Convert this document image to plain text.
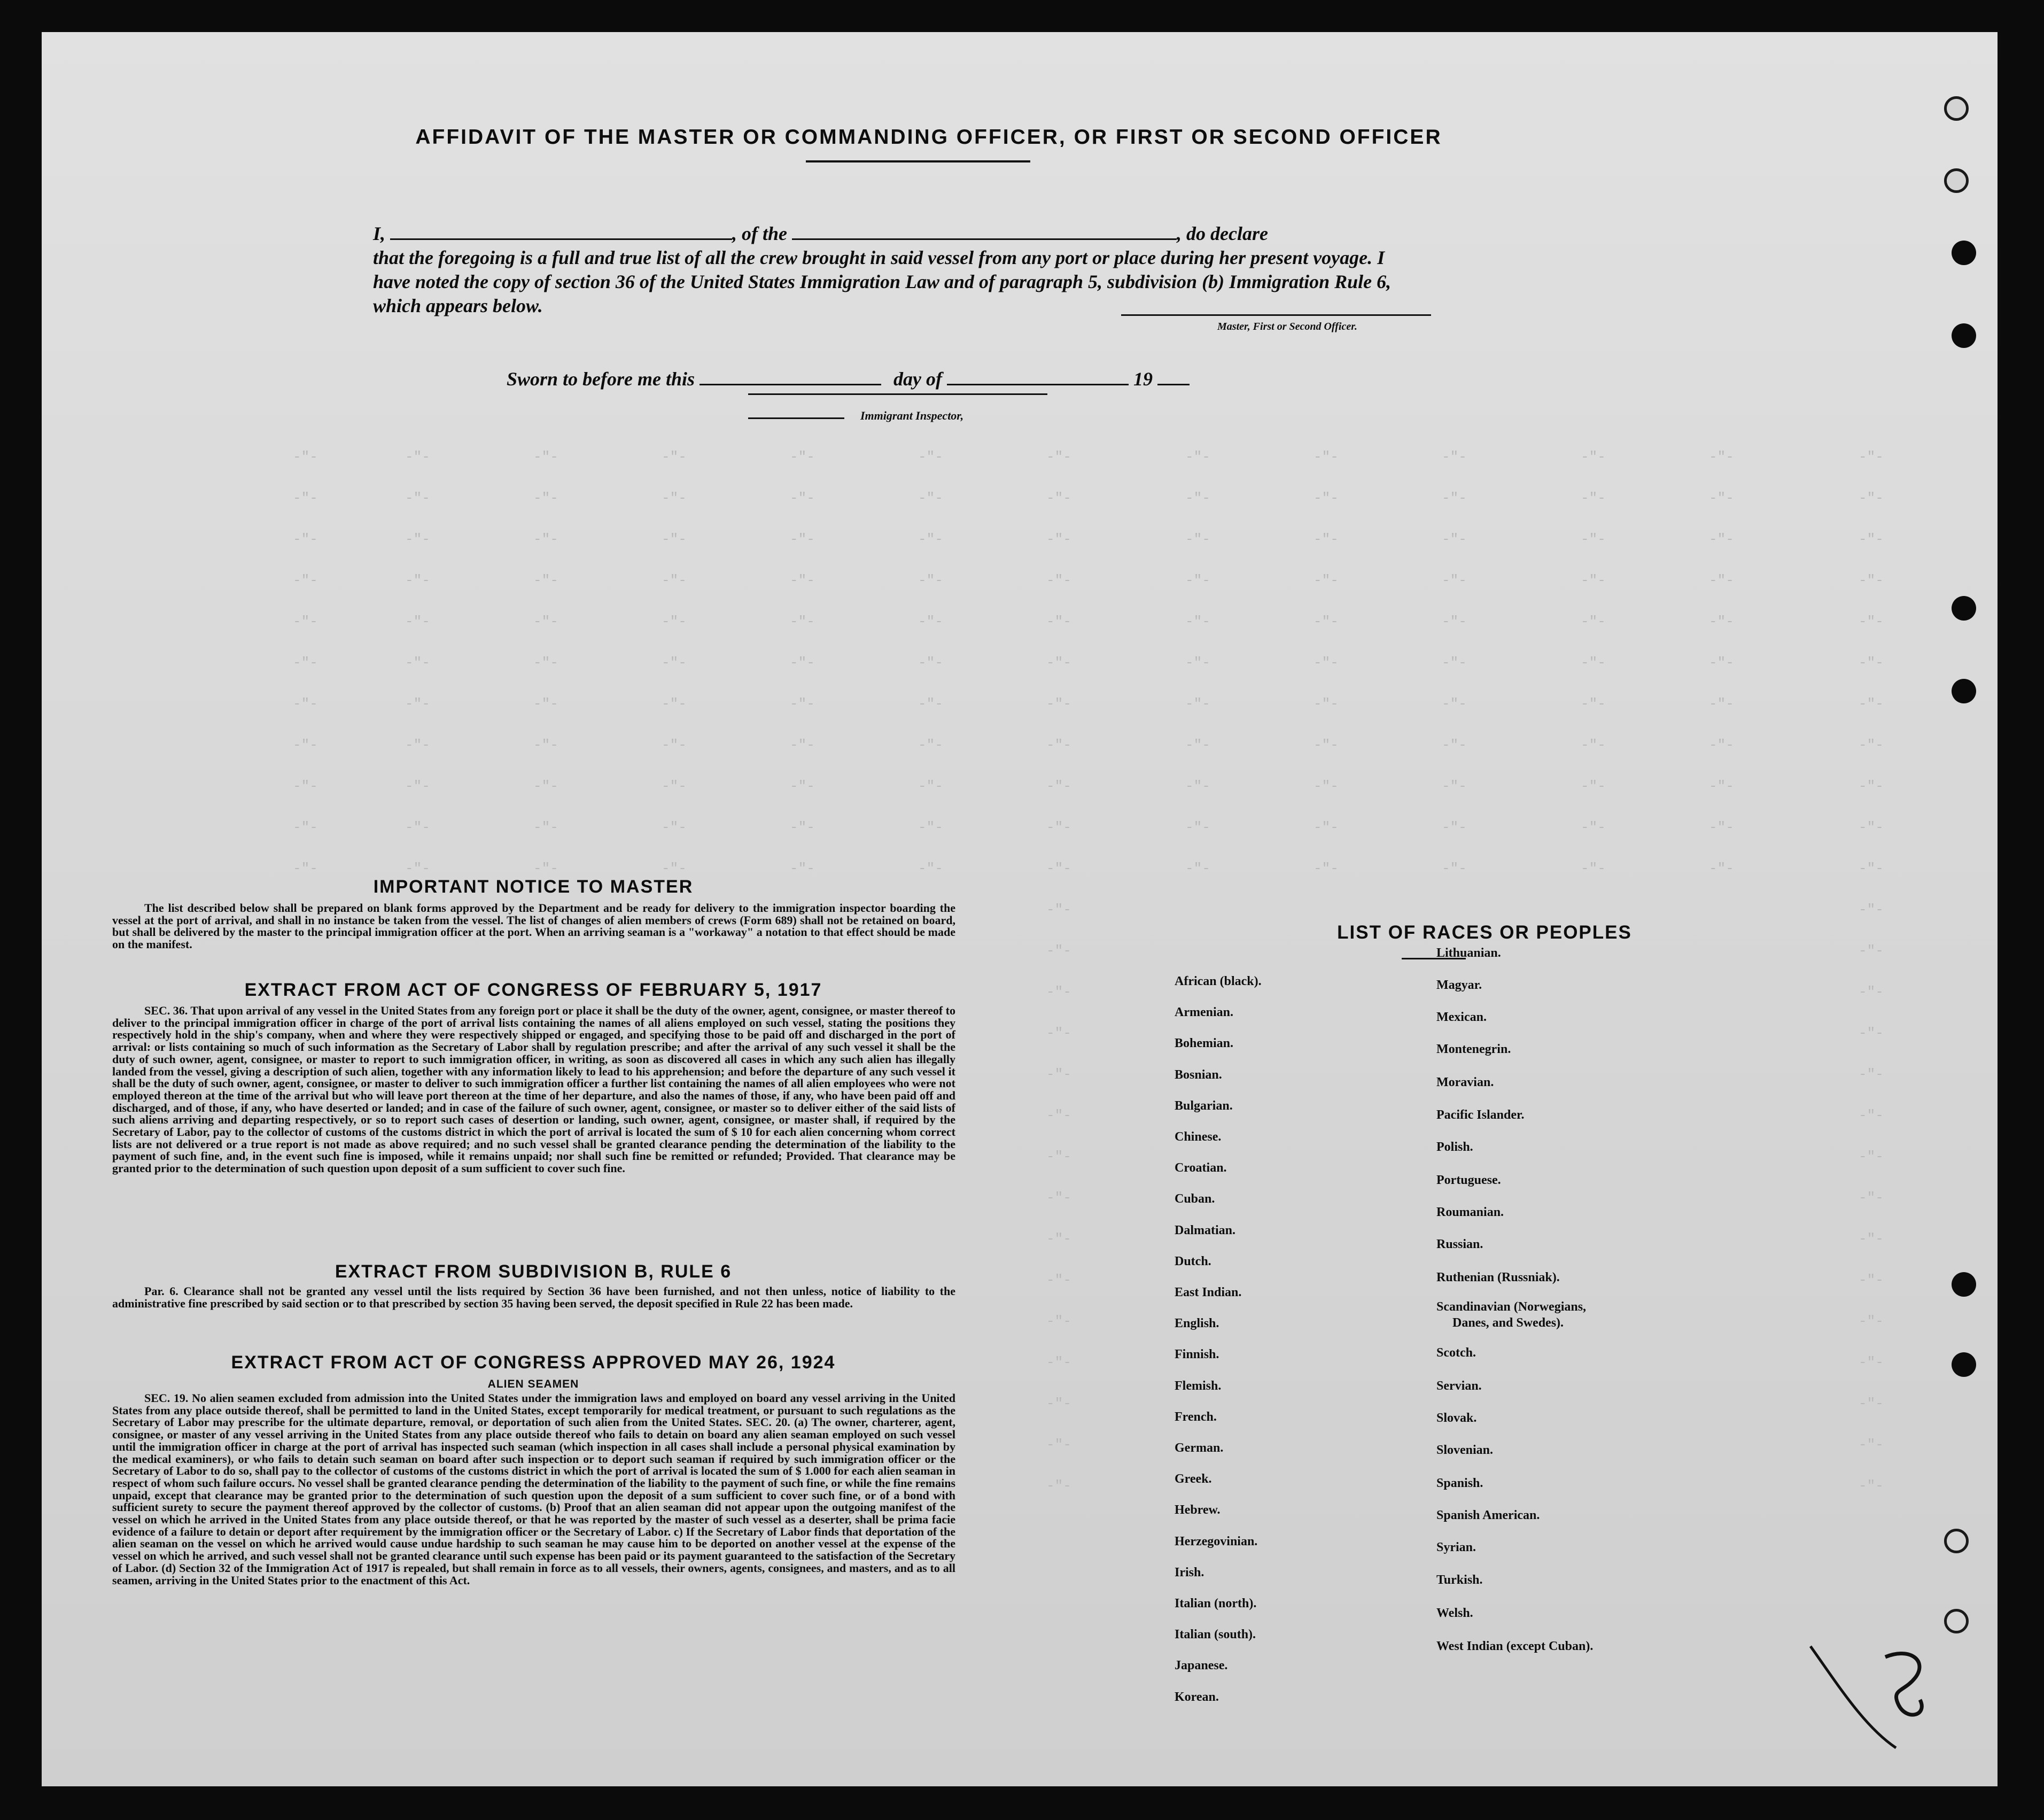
-"-	-"-	-"-	-"-	-"-	-"-	-"-	-"-	-"-	-"-	-"-	-"-	-"-
-"-	-"-	-"-	-"-	-"-	-"-	-"-	-"-	-"-	-"-	-"-	-"-	-"-
-"-	-"-	-"-	-"-	-"-	-"-	-"-	-"-	-"-	-"-	-"-	-"-	-"-
-"-	-"-	-"-	-"-	-"-	-"-	-"-	-"-	-"-	-"-	-"-	-"-	-"-
-"-	-"-	-"-	-"-	-"-	-"-	-"-	-"-	-"-	-"-	-"-	-"-	-"-
-"-	-"-	-"-	-"-	-"-	-"-	-"-	-"-	-"-	-"-	-"-	-"-	-"-
-"-	-"-	-"-	-"-	-"-	-"-	-"-	-"-	-"-	-"-	-"-	-"-	-"-
-"-	-"-	-"-	-"-	-"-	-"-	-"-	-"-	-"-	-"-	-"-	-"-	-"-
-"-	-"-	-"-	-"-	-"-	-"-	-"-	-"-	-"-	-"-	-"-	-"-	-"-
-"-	-"-	-"-	-"-	-"-	-"-	-"-	-"-	-"-	-"-	-"-	-"-	-"-
-"-	-"-	-"-	-"-	-"-	-"-	-"-	-"-	-"-	-"-	-"-	-"-	-"-
-"-	-"-
-"-	-"-
-"-	-"-
-"-	-"-
-"-	-"-
-"-	-"-
-"-	-"-
-"-	-"-
-"-	-"-
-"-	-"-
-"-	-"-
-"-	-"-
-"-	-"-
-"-	-"-
-"-	-"-
AFFIDAVIT OF THE MASTER OR COMMANDING OFFICER, OR FIRST OR SECOND OFFICER
I,	, of the	, do declare
that the foregoing is a full and true list of all the crew brought in said vessel from any port or place during her present voyage. I have noted the copy of section 36 of the United States Immigration Law and of paragraph 5, subdivision (b) Immigration Rule 6, which appears below.
Master, First or Second Officer.
Sworn to before me this	day of	19
Immigrant Inspector,
IMPORTANT NOTICE TO MASTER
The list described below shall be prepared on blank forms approved by the Department and be ready for delivery to the immigration inspector boarding the vessel at the port of arrival, and shall in no instance be taken from the vessel. The list of changes of alien members of crews (Form 689) shall not be retained on board, but shall be delivered by the master to the principal immigration officer at the port. When an arriving seaman is a "workaway" a notation to that effect should be made on the manifest.
EXTRACT FROM ACT OF CONGRESS OF FEBRUARY 5, 1917
SEC. 36. That upon arrival of any vessel in the United States from any foreign port or place it shall be the duty of the owner, agent, consignee, or master thereof to deliver to the principal immigration officer in charge of the port of arrival lists containing the names of all aliens employed on such vessel, stating the positions they respectively hold in the ship's company, when and where they were respectively shipped or engaged, and specifying those to be paid off and discharged in the port of arrival: or lists containing so much of such information as the Secretary of Labor shall by regulation prescribe; and after the arrival of any such vessel it shall be the duty of such owner, agent, consignee, or master to report to such immigration officer, in writing, as soon as discovered all cases in which any such alien has illegally landed from the vessel, giving a description of such alien, together with any information likely to lead to his apprehension; and before the departure of any such vessel it shall be the duty of such owner, agent, consignee, or master to deliver to such immigration officer a further list containing the names of all alien employees who were not employed thereon at the time of the arrival but who will leave port thereon at the time of her departure, and also the names of those, if any, who have been paid off and discharged, and of those, if any, who have deserted or landed; and in case of the failure of such owner, agent, consignee, or master so to deliver either of the said lists of such aliens arriving and departing respectively, or so to report such cases of desertion or landing, such owner, agent, consignee, or master shall, if required by the Secretary of Labor, pay to the collector of customs of the customs district in which the port of arrival is located the sum of $ 10 for each alien concerning whom correct lists are not delivered or a true report is not made as above required; and no such vessel shall be granted clearance pending the determination of the liability to the payment of such fine, and, in the event such fine is imposed, while it remains unpaid; nor shall such fine be remitted or refunded; Provided. That clearance may be granted prior to the determination of such question upon deposit of a sum sufficient to cover such fine.
EXTRACT FROM SUBDIVISION B, RULE 6
Par. 6. Clearance shall not be granted any vessel until the lists required by Section 36 have been furnished, and not then unless, notice of liability to the administrative fine prescribed by said section or to that prescribed by section 35 having been served, the deposit specified in Rule 22 has been made.
EXTRACT FROM ACT OF CONGRESS APPROVED MAY 26, 1924
ALIEN SEAMEN
SEC. 19. No alien seamen excluded from admission into the United States under the immigration laws and employed on board any vessel arriving in the United States from any place outside thereof, shall be permitted to land in the United States, except temporarily for medical treatment, or pursuant to such regulations as the Secretary of Labor may prescribe for the ultimate departure, removal, or deportation of such alien from the United States. SEC. 20. (a) The owner, charterer, agent, consignee, or master of any vessel arriving in the United States from any place outside thereof who fails to detain on board any alien seaman employed on such vessel until the immigration officer in charge at the port of arrival has inspected such seaman (which inspection in all cases shall include a personal physical examination by the medical examiners), or who fails to detain such seaman on board after such inspection or to deport such seaman if required by such immigration officer or the Secretary of Labor to do so, shall pay to the collector of customs of the customs district in which the port of arrival is located the sum of $ 1.000 for each alien seaman in respect of whom such failure occurs. No vessel shall be granted clearance pending the determination of the liability to the payment of such fine, or while the fine remains unpaid, except that clearance may be granted prior to the determination of such question upon the deposit of a sum sufficient to cover such fine, or of a bond with sufficient surety to secure the payment thereof approved by the collector of customs. (b) Proof that an alien seaman did not appear upon the outgoing manifest of the vessel on which he arrived in the United States from any place outside thereof, or that he was reported by the master of such vessel as a deserter, shall be prima facie evidence of a failure to detain or deport after requirement by the immigration officer or the Secretary of Labor. c) If the Secretary of Labor finds that deportation of the alien seaman on the vessel on which he arrived would cause undue hardship to such seaman he may cause him to be deported on another vessel at the expense of the vessel on which he arrived, and such vessel shall not be granted clearance until such expense has been paid or its payment guaranteed to the satisfaction of the Secretary of Labor. (d) Section 32 of the Immigration Act of 1917 is repealed, but shall remain in force as to all vessels, their owners, agents, consignees, and masters, and as to all seamen, arriving in the United States prior to the enactment of this Act.
LIST OF RACES OR PEOPLES
African (black).
Armenian.
Bohemian.
Bosnian.
Bulgarian.
Chinese.
Croatian.
Cuban.
Dalmatian.
Dutch.
East Indian.
English.
Finnish.
Flemish.
French.
German.
Greek.
Hebrew.
Herzegovinian.
Irish.
Italian (north).
Italian (south).
Japanese.
Korean.
Lithuanian.
Magyar.
Mexican.
Montenegrin.
Moravian.
Pacific Islander.
Polish.
Portuguese.
Roumanian.
Russian.
Ruthenian (Russniak).
Scandinavian (Norwegians,
Danes, and Swedes).
Scotch.
Servian.
Slovak.
Slovenian.
Spanish.
Spanish American.
Syrian.
Turkish.
Welsh.
West Indian (except Cuban).
